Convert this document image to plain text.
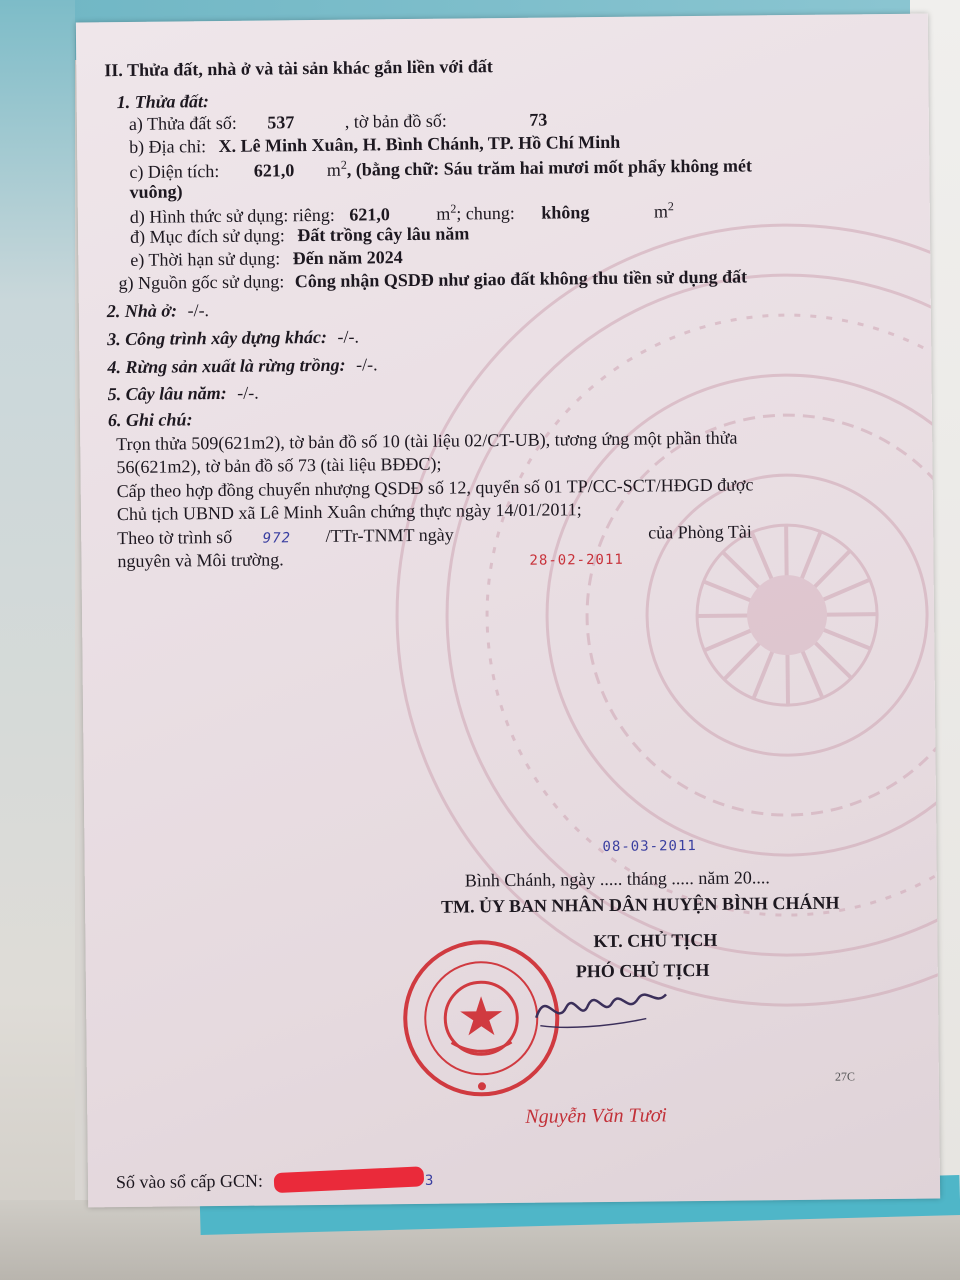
II. Thửa đất, nhà ở và tài sản khác gắn liền với đất
1. Thửa đất:
a) Thửa đất số: 537	, tờ bản đồ số:	73
b) Địa chỉ: X. Lê Minh Xuân, H. Bình Chánh, TP. Hồ Chí Minh
c) Diện tích: 621,0 $m^2$, (bằng chữ: Sáu trăm hai mươi mốt phẩy không mét
vuông)
d) Hình thức sử dụng: riêng: 621,0	$m^2$; chung: không	$m^2$
đ) Mục đích sử dụng: Đất trồng cây lâu năm
e) Thời hạn sử dụng: Đến năm 2024
g) Nguồn gốc sử dụng: Công nhận QSDĐ như giao đất không thu tiền sử dụng đất
2. Nhà ở: -/-.
3. Công trình xây dựng khác: -/-.
4. Rừng sản xuất là rừng trồng: -/-.
5. Cây lâu năm: -/-.
6. Ghi chú:
Trọn thửa 509(621m2), tờ bản đồ số 10 (tài liệu 02/CT-UB), tương ứng một phần thửa
56(621m2), tờ bản đồ số 73 (tài liệu BĐĐC);
Cấp theo hợp đồng chuyển nhượng QSDĐ số 12, quyển số 01 TP/CC-SCT/HĐGD được
Chủ tịch UBND xã Lê Minh Xuân chứng thực ngày 14/01/2011;
Theo tờ trình số 972 /TTr-TNMT ngày	của Phòng Tài
nguyên và Môi trường.	28-02-2011
08-03-2011
Bình Chánh, ngày ..... tháng ..... năm 20....
TM. ỦY BAN NHÂN DÂN HUYỆN BÌNH CHÁNH
KT. CHỦ TỊCH
PHÓ CHỦ TỊCH
27C
Nguyễn Văn Tươi
Số vào sổ cấp GCN:	3
